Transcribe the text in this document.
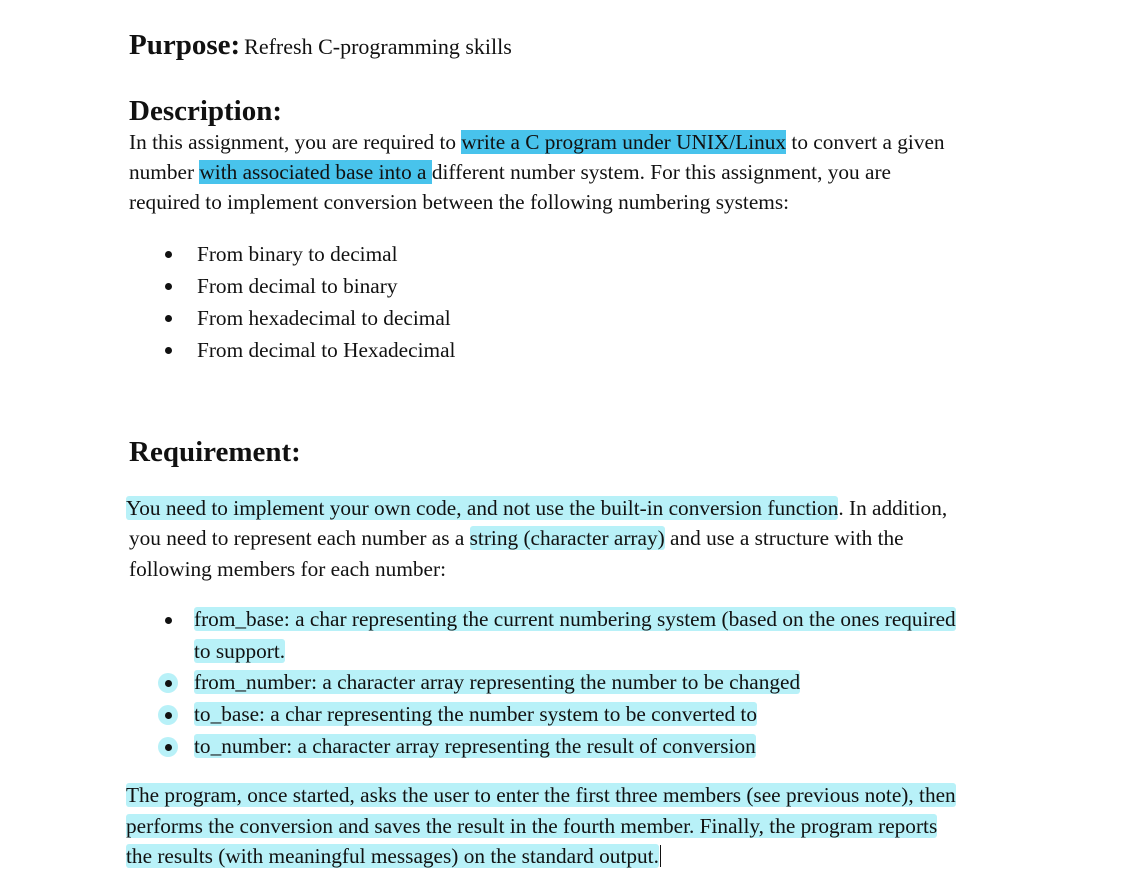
Purpose: Refresh C-programming skills
Description:
In this assignment, you are required to write a C program under UNIX/Linux to convert a given
number with associated base into a different number system. For this assignment, you are
required to implement conversion between the following numbering systems:
From binary to decimal
From decimal to binary
From hexadecimal to decimal
From decimal to Hexadecimal
Requirement:
You need to implement your own code, and not use the built-in conversion function. In addition,
you need to represent each number as a string (character array) and use a structure with the
following members for each number:
from_base: a char representing the current numbering system (based on the ones required
to support.
from_number: a character array representing the number to be changed
to_base: a char representing the number system to be converted to
to_number: a character array representing the result of conversion
The program, once started, asks the user to enter the first three members (see previous note), then
performs the conversion and saves the result in the fourth member. Finally, the program reports
the results (with meaningful messages) on the standard output.
